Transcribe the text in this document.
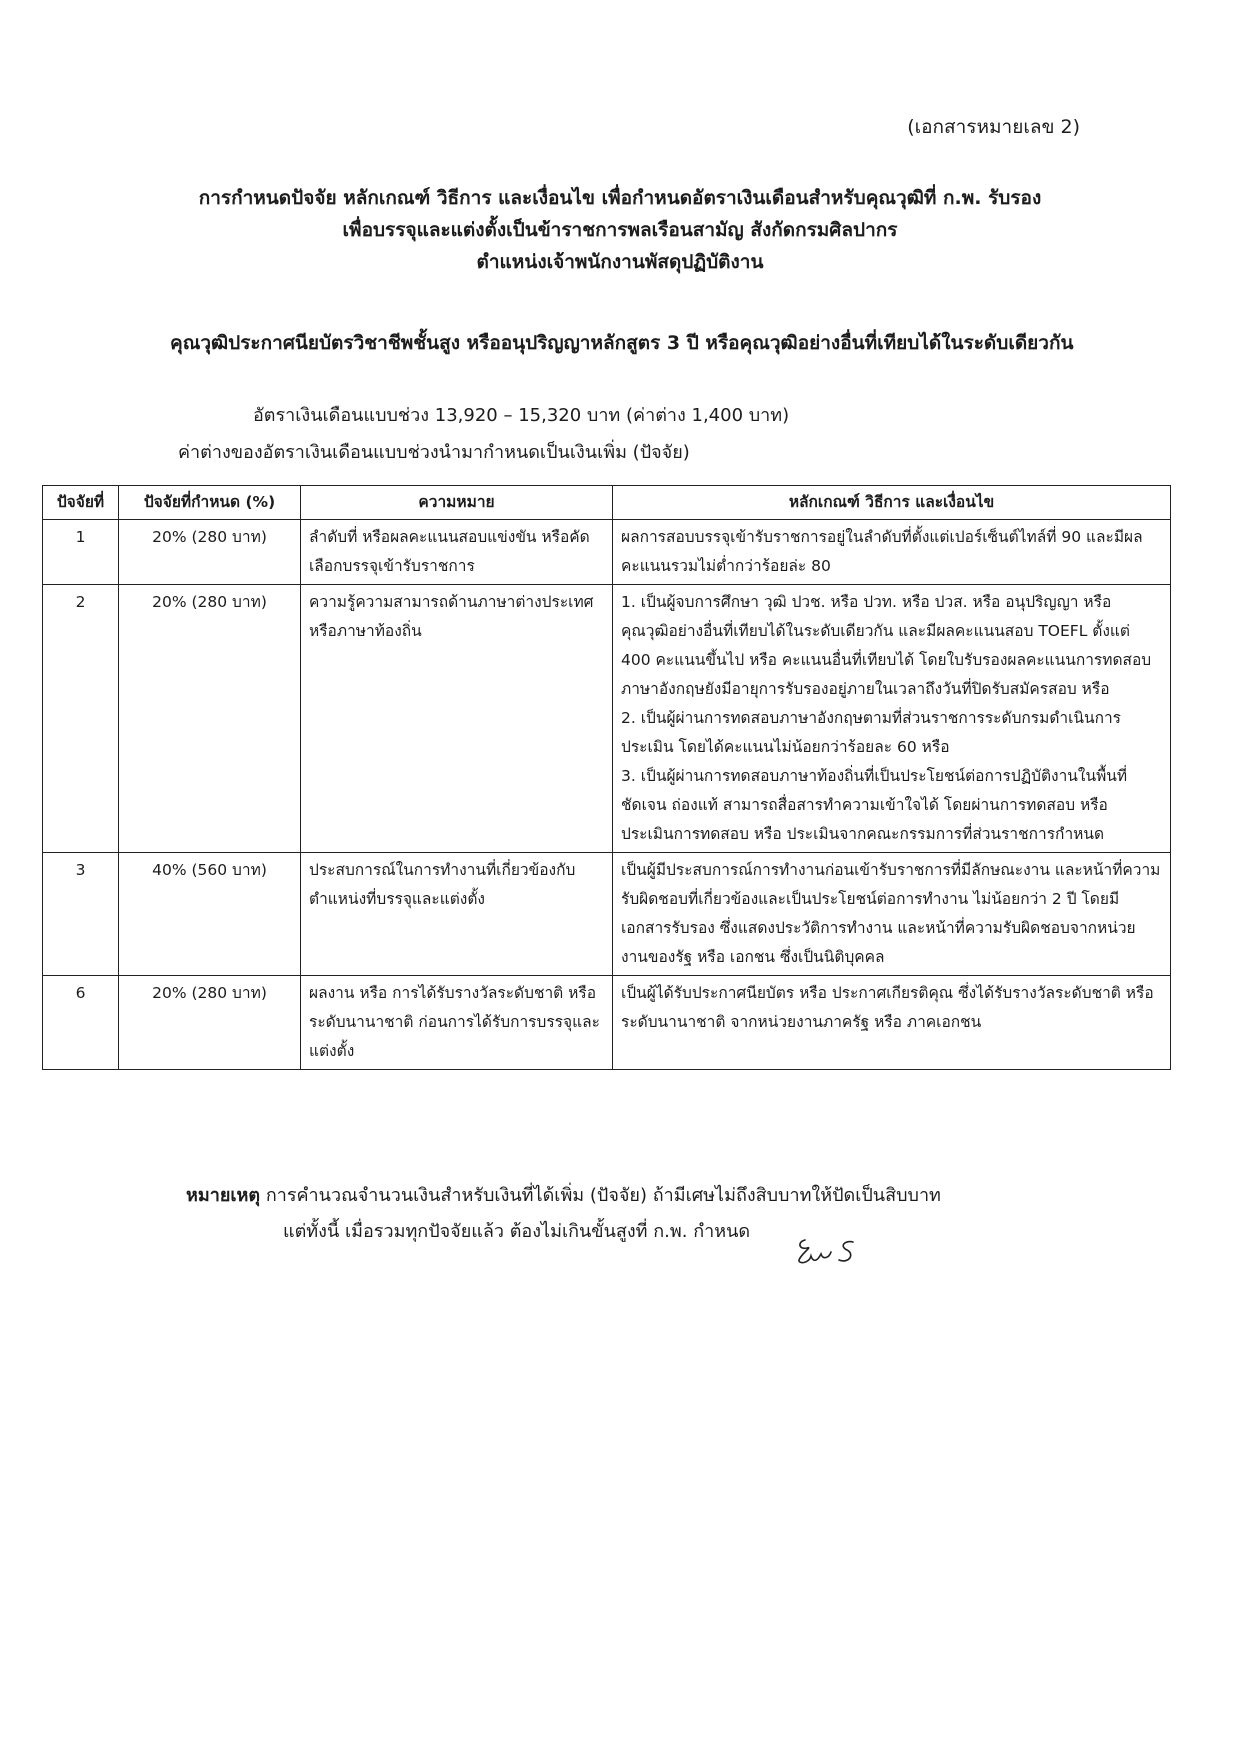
(เอกสารหมายเลข 2)
การกำหนดปัจจัย หลักเกณฑ์ วิธีการ และเงื่อนไข เพื่อกำหนดอัตราเงินเดือนสำหรับคุณวุฒิที่ ก.พ. รับรอง
เพื่อบรรจุและแต่งตั้งเป็นข้าราชการพลเรือนสามัญ สังกัดกรมศิลปากร
ตำแหน่งเจ้าพนักงานพัสดุปฏิบัติงาน
คุณวุฒิประกาศนียบัตรวิชาชีพชั้นสูง หรืออนุปริญญาหลักสูตร 3 ปี หรือคุณวุฒิอย่างอื่นที่เทียบได้ในระดับเดียวกัน
อัตราเงินเดือนแบบช่วง 13,920 – 15,320 บาท (ค่าต่าง 1,400 บาท)
ค่าต่างของอัตราเงินเดือนแบบช่วงนำมากำหนดเป็นเงินเพิ่ม (ปัจจัย)
ปัจจัยที่	ปัจจัยที่กำหนด (%)	ความหมาย	หลักเกณฑ์ วิธีการ และเงื่อนไข
1	20% (280 บาท)	ลำดับที่ หรือผลคะแนนสอบแข่งขัน หรือคัดเลือกบรรจุเข้ารับราชการ	ผลการสอบบรรจุเข้ารับราชการอยู่ในลำดับที่ตั้งแต่เปอร์เซ็นต์ไทล์ที่ 90 และมีผลคะแนนรวมไม่ต่ำกว่าร้อยล่ะ 80

2	20% (280 บาท)	ความรู้ความสามารถด้านภาษาต่างประเทศ หรือภาษาท้องถิ่น	1. เป็นผู้จบการศึกษา วุฒิ ปวช. หรือ ปวท. หรือ ปวส. หรือ อนุปริญญา หรือ คุณวุฒิอย่างอื่นที่เทียบได้ในระดับเดียวกัน และมีผลคะแนนสอบ TOEFL ตั้งแต่ 400 คะแนนขึ้นไป หรือ คะแนนอื่นที่เทียบได้ โดยใบรับรองผลคะแนนการทดสอบภาษาอังกฤษยังมีอายุการรับรองอยู่ภายในเวลาถึงวันที่ปิดรับสมัครสอบ หรือ
2. เป็นผู้ผ่านการทดสอบภาษาอังกฤษตามที่ส่วนราชการระดับกรมดำเนินการประเมิน โดยได้คะแนนไม่น้อยกว่าร้อยละ 60 หรือ
3. เป็นผู้ผ่านการทดสอบภาษาท้องถิ่นที่เป็นประโยชน์ต่อการปฏิบัติงานในพื้นที่ชัดเจน ถ่องแท้ สามารถสื่อสารทำความเข้าใจได้ โดยผ่านการทดสอบ หรือ ประเมินการทดสอบ หรือ ประเมินจากคณะกรรมการที่ส่วนราชการกำหนด

3	40% (560 บาท)	ประสบการณ์ในการทำงานที่เกี่ยวข้องกับตำแหน่งที่บรรจุและแต่งตั้ง	เป็นผู้มีประสบการณ์การทำงานก่อนเข้ารับราชการที่มีลักษณะงาน และหน้าที่ความรับผิดชอบที่เกี่ยวข้องและเป็นประโยชน์ต่อการทำงาน ไม่น้อยกว่า 2 ปี โดยมีเอกสารรับรอง ซึ่งแสดงประวัติการทำงาน และหน้าที่ความรับผิดชอบจากหน่วยงานของรัฐ หรือ เอกชน ซึ่งเป็นนิติบุคคล

6	20% (280 บาท)	ผลงาน หรือ การได้รับรางวัลระดับชาติ หรือ ระดับนานาชาติ ก่อนการได้รับการบรรจุและแต่งตั้ง	เป็นผู้ได้รับประกาศนียบัตร หรือ ประกาศเกียรติคุณ ซึ่งได้รับรางวัลระดับชาติ หรือ ระดับนานาชาติ จากหน่วยงานภาครัฐ หรือ ภาคเอกชน
หมายเหตุ การคำนวณจำนวนเงินสำหรับเงินที่ได้เพิ่ม (ปัจจัย) ถ้ามีเศษไม่ถึงสิบบาทให้ปัดเป็นสิบบาท
แต่ทั้งนี้ เมื่อรวมทุกปัจจัยแล้ว ต้องไม่เกินขั้นสูงที่ ก.พ. กำหนด
